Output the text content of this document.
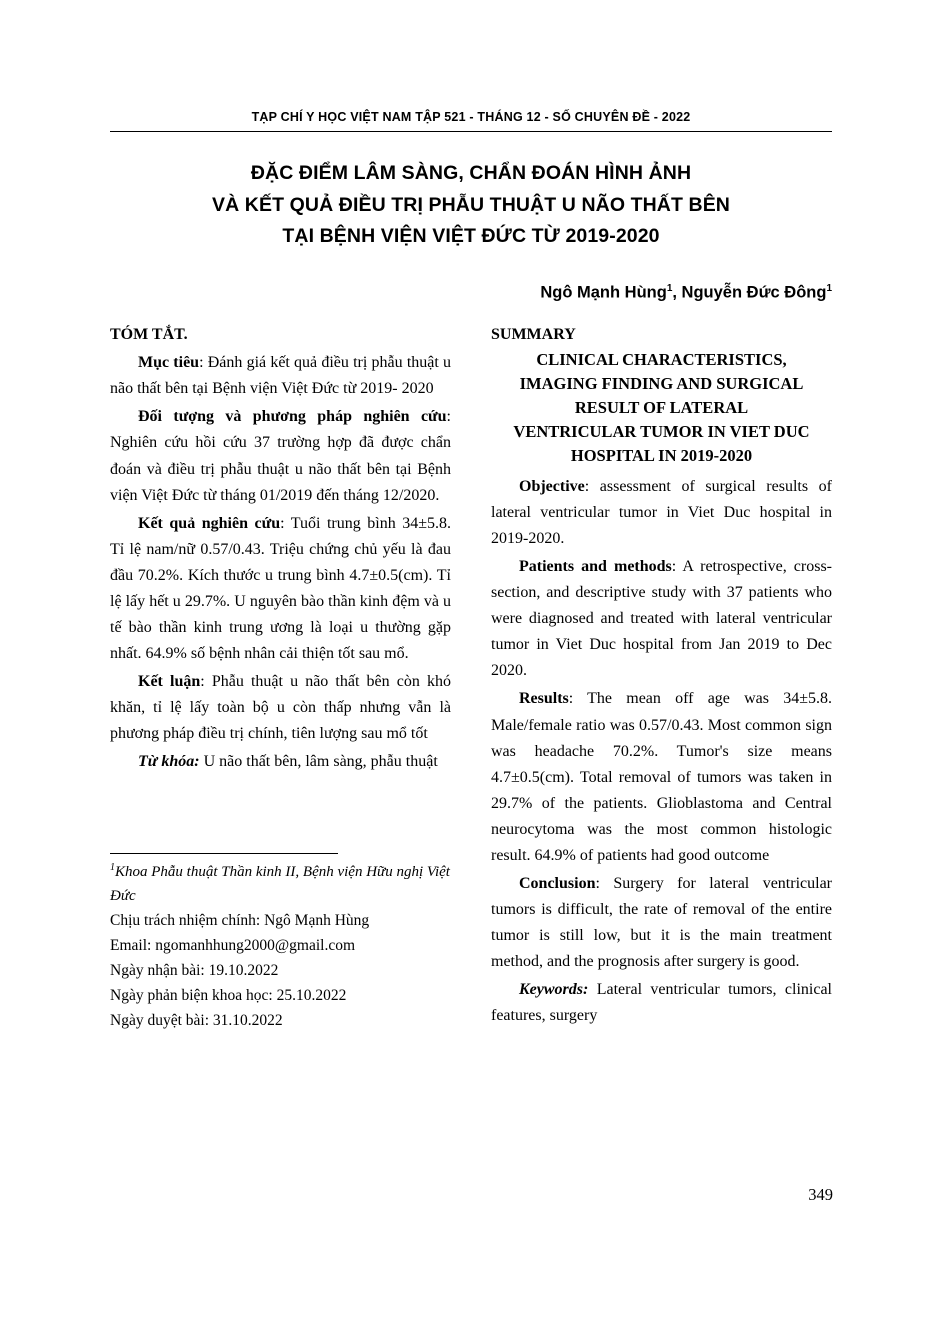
TẠP CHÍ Y HỌC VIỆT NAM TẬP 521 - THÁNG 12 - SỐ CHUYÊN ĐỀ - 2022
ĐẶC ĐIỂM LÂM SÀNG, CHẨN ĐOÁN HÌNH ẢNH
VÀ KẾT QUẢ ĐIỀU TRỊ PHẪU THUẬT U NÃO THẤT BÊN
TẠI BỆNH VIỆN VIỆT ĐỨC TỪ 2019-2020
Ngô Mạnh Hùng$^1$, Nguyễn Đức Đông$^1$
TÓM TẮT.

Mục tiêu: Đánh giá kết quả điều trị phẫu thuật u não thất bên tại Bệnh viện Việt Đức từ 2019- 2020

Đối tượng và phương pháp nghiên cứu: Nghiên cứu hồi cứu 37 trường hợp đã được chẩn đoán và điều trị phẫu thuật u não thất bên tại Bệnh viện Việt Đức từ tháng 01/2019 đến tháng 12/2020.

Kết quả nghiên cứu: Tuổi trung bình 34±5.8. Tỉ lệ nam/nữ 0.57/0.43. Triệu chứng chủ yếu là đau đầu 70.2%. Kích thước u trung bình 4.7±0.5(cm). Tỉ lệ lấy hết u 29.7%. U nguyên bào thần kinh đệm và u tế bào thần kinh trung ương là loại u thường gặp nhất. 64.9% số bệnh nhân cải thiện tốt sau mổ.

Kết luận: Phẫu thuật u não thất bên còn khó khăn, tỉ lệ lấy toàn bộ u còn thấp nhưng vẫn là phương pháp điều trị chính, tiên lượng sau mổ tốt

Từ khóa: U não thất bên, lâm sàng, phẫu thuật

$^1$Khoa Phẫu thuật Thần kinh II, Bệnh viện Hữu nghị Việt Đức
Chịu trách nhiệm chính: Ngô Mạnh Hùng
Email: ngomanhhung2000@gmail.com
Ngày nhận bài: 19.10.2022
Ngày phản biện khoa học: 25.10.2022
Ngày duyệt bài: 31.10.2022
SUMMARY
CLINICAL CHARACTERISTICS,
IMAGING FINDING AND SURGICAL
RESULT OF LATERAL
VENTRICULAR TUMOR IN VIET DUC
HOSPITAL IN 2019-2020

Objective: assessment of surgical results of lateral ventricular tumor in Viet Duc hospital in 2019-2020.

Patients and methods: A retrospective, cross-section, and descriptive study with 37 patients who were diagnosed and treated with lateral ventricular tumor in Viet Duc hospital from Jan 2019 to Dec 2020.

Results: The mean off age was 34±5.8. Male/female ratio was 0.57/0.43. Most common sign was headache 70.2%. Tumor's size means 4.7±0.5(cm). Total removal of tumors was taken in 29.7% of the patients. Glioblastoma and Central neurocytoma was the most common histologic result. 64.9% of patients had good outcome

Conclusion: Surgery for lateral ventricular tumors is difficult, the rate of removal of the entire tumor is still low, but it is the main treatment method, and the prognosis after surgery is good.

Keywords: Lateral ventricular tumors, clinical features, surgery

349
